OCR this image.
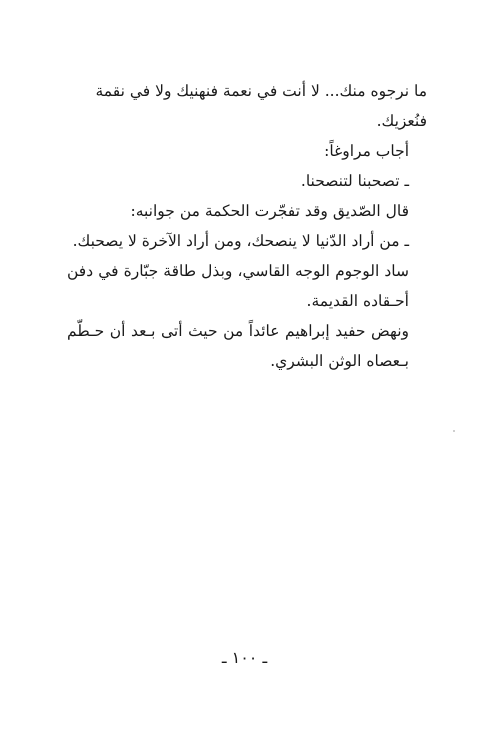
ما نرجوه منك... لا أنت في نعمة فنهنيك ولا في نقمة فنُعزيك.

أجاب مراوغاً:

ـ تصحبنا لتنصحنا.

قال الصّديق وقد تفجّرت الحكمة من جوانبه:

ـ من أراد الدّنيا لا ينصحك، ومن أراد الآخرة لا يصحبك.

ساد الوجوم الوجه القاسي، وبذل طاقة جبّارة في دفن أحـقاده القديمة.

ونهض حفيد إبراهيم عائداً من حيث أتى بـعد أن حـطّم بـعصاه الوثن البشري.

ـ ١٠٠ ـ
